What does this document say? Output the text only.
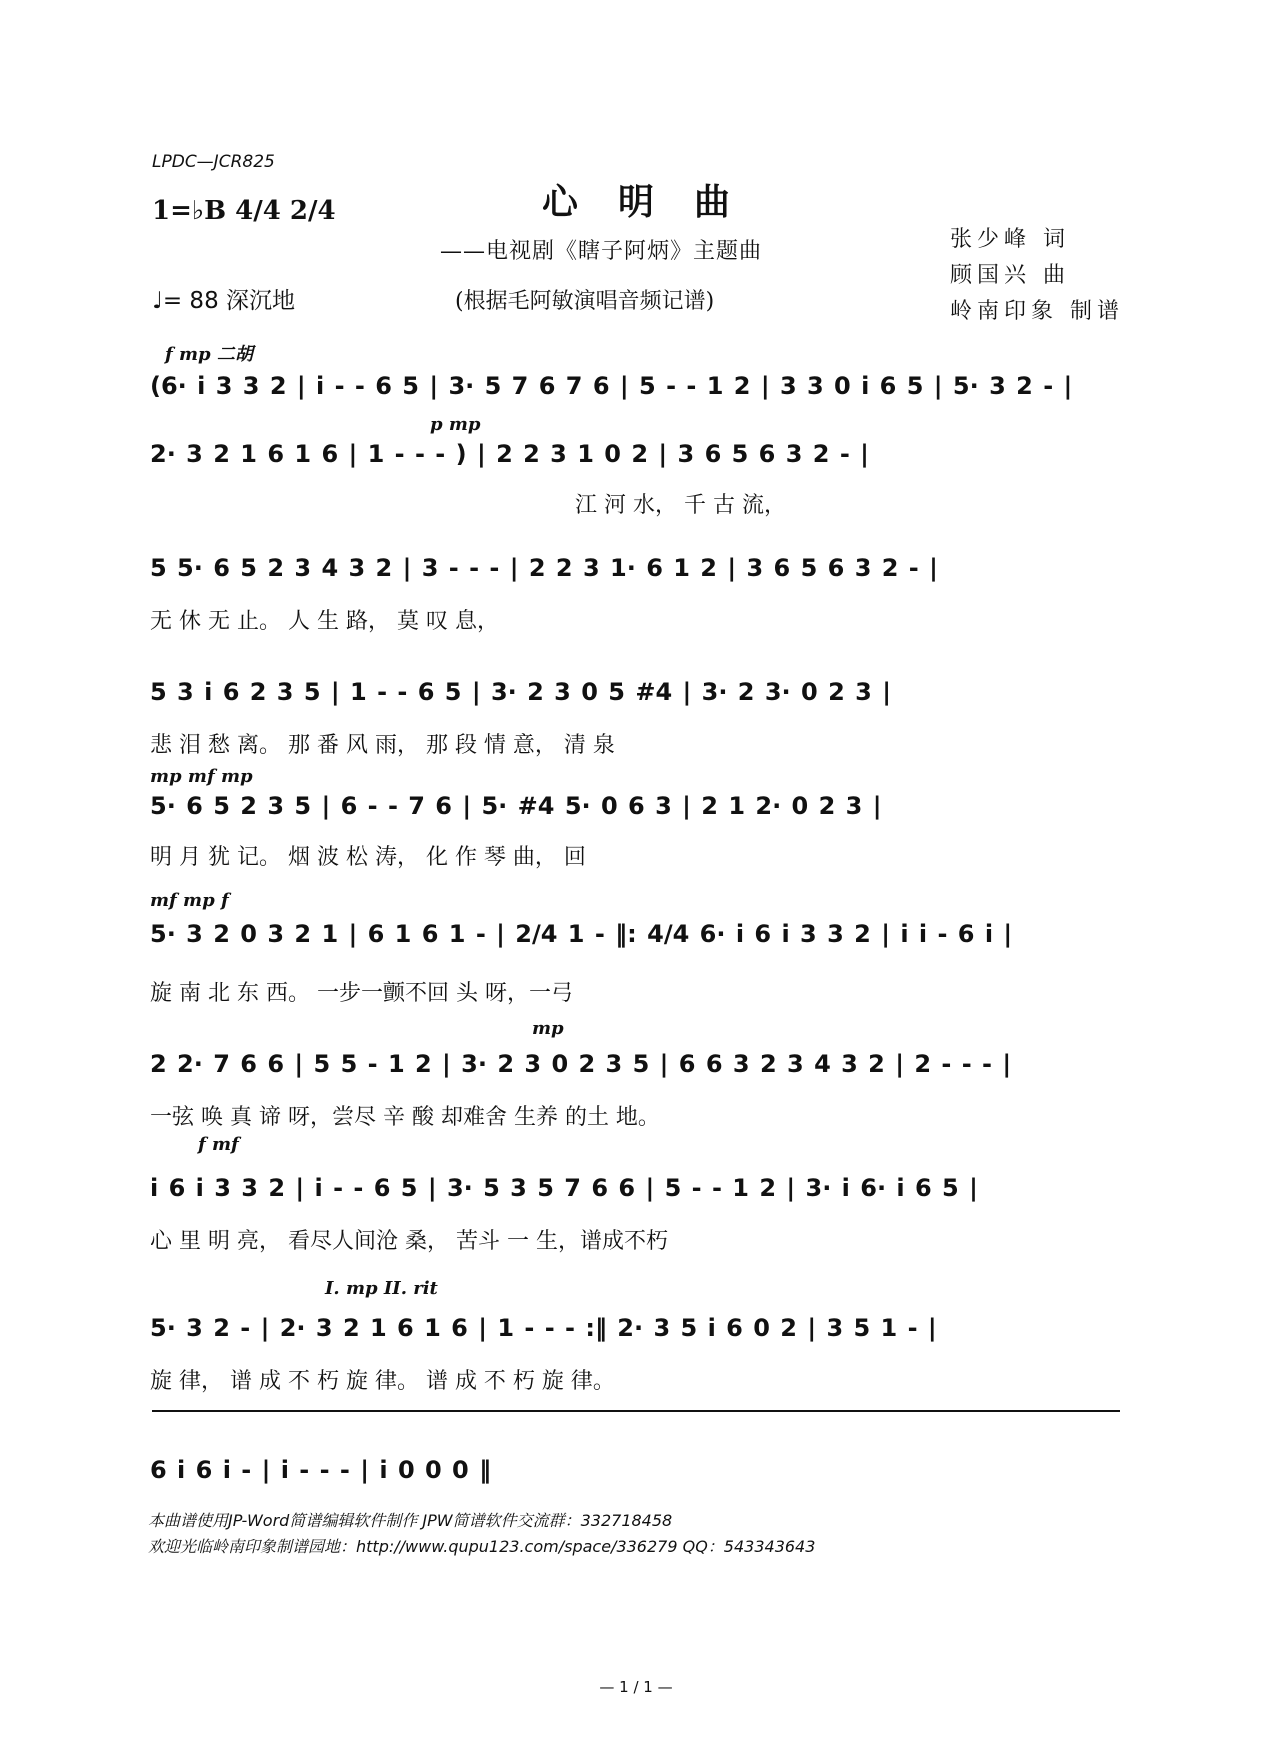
LPDC—JCR825
1=♭B 4/4 2/4
♩= 88 深沉地
心明曲
——电视剧《瞎子阿炳》主题曲
(根据毛阿敏演唱音频记谱)
张少峰 词
顾国兴 曲
岭南印象 制谱
f mp 二胡
(6· i 3 3 2 | i - - 6 5 | 3· 5 7 6 7 6 | 5 - - 1 2 | 3 3 0 i 6 5 | 5· 3 2 - |
p mp
2· 3 2 1 6 1 6 | 1 - - - ) | 2 2 3 1 0 2 | 3 6 5 6 3 2 - |
江 河 水， 千 古 流，
5 5· 6 5 2 3 4 3 2 | 3 - - - | 2 2 3 1· 6 1 2 | 3 6 5 6 3 2 - |
无 休 无 止。 人 生 路， 莫 叹 息，
5 3 i 6 2 3 5 | 1 - - 6 5 | 3· 2 3 0 5 #4 | 3· 2 3· 0 2 3 |
悲 泪 愁 离。 那 番 风 雨， 那 段 情 意， 清 泉
mp mf mp
5· 6 5 2 3 5 | 6 - - 7 6 | 5· #4 5· 0 6 3 | 2 1 2· 0 2 3 |
明 月 犹 记。 烟 波 松 涛， 化 作 琴 曲， 回
mf mp f
5· 3 2 0 3 2 1 | 6 1 6 1 - | 2/4 1 - ‖: 4/4 6· i 6 i 3 3 2 | i i - 6 i |
旋 南 北 东 西。 一步一颤不回 头 呀，一弓
mp
2 2· 7 6 6 | 5 5 - 1 2 | 3· 2 3 0 2 3 5 | 6 6 3 2 3 4 3 2 | 2 - - - |
一弦 唤 真 谛 呀，尝尽 辛 酸 却难舍 生养 的土 地。
f mf
i 6 i 3 3 2 | i - - 6 5 | 3· 5 3 5 7 6 6 | 5 - - 1 2 | 3· i 6· i 6 5 |
心 里 明 亮， 看尽人间沧 桑， 苦斗 一 生，谱成不朽
I. mp II. rit
5· 3 2 - | 2· 3 2 1 6 1 6 | 1 - - - :‖ 2· 3 5 i 6 0 2 | 3 5 1 - |
旋 律， 谱 成 不 朽 旋 律。 谱 成 不 朽 旋 律。
6 i 6 i - | i - - - | i 0 0 0 ‖
本曲谱使用JP-Word简谱编辑软件制作 JPW简谱软件交流群：332718458
欢迎光临岭南印象制谱园地：http://www.qupu123.com/space/336279 QQ：543343643
— 1 / 1 —
